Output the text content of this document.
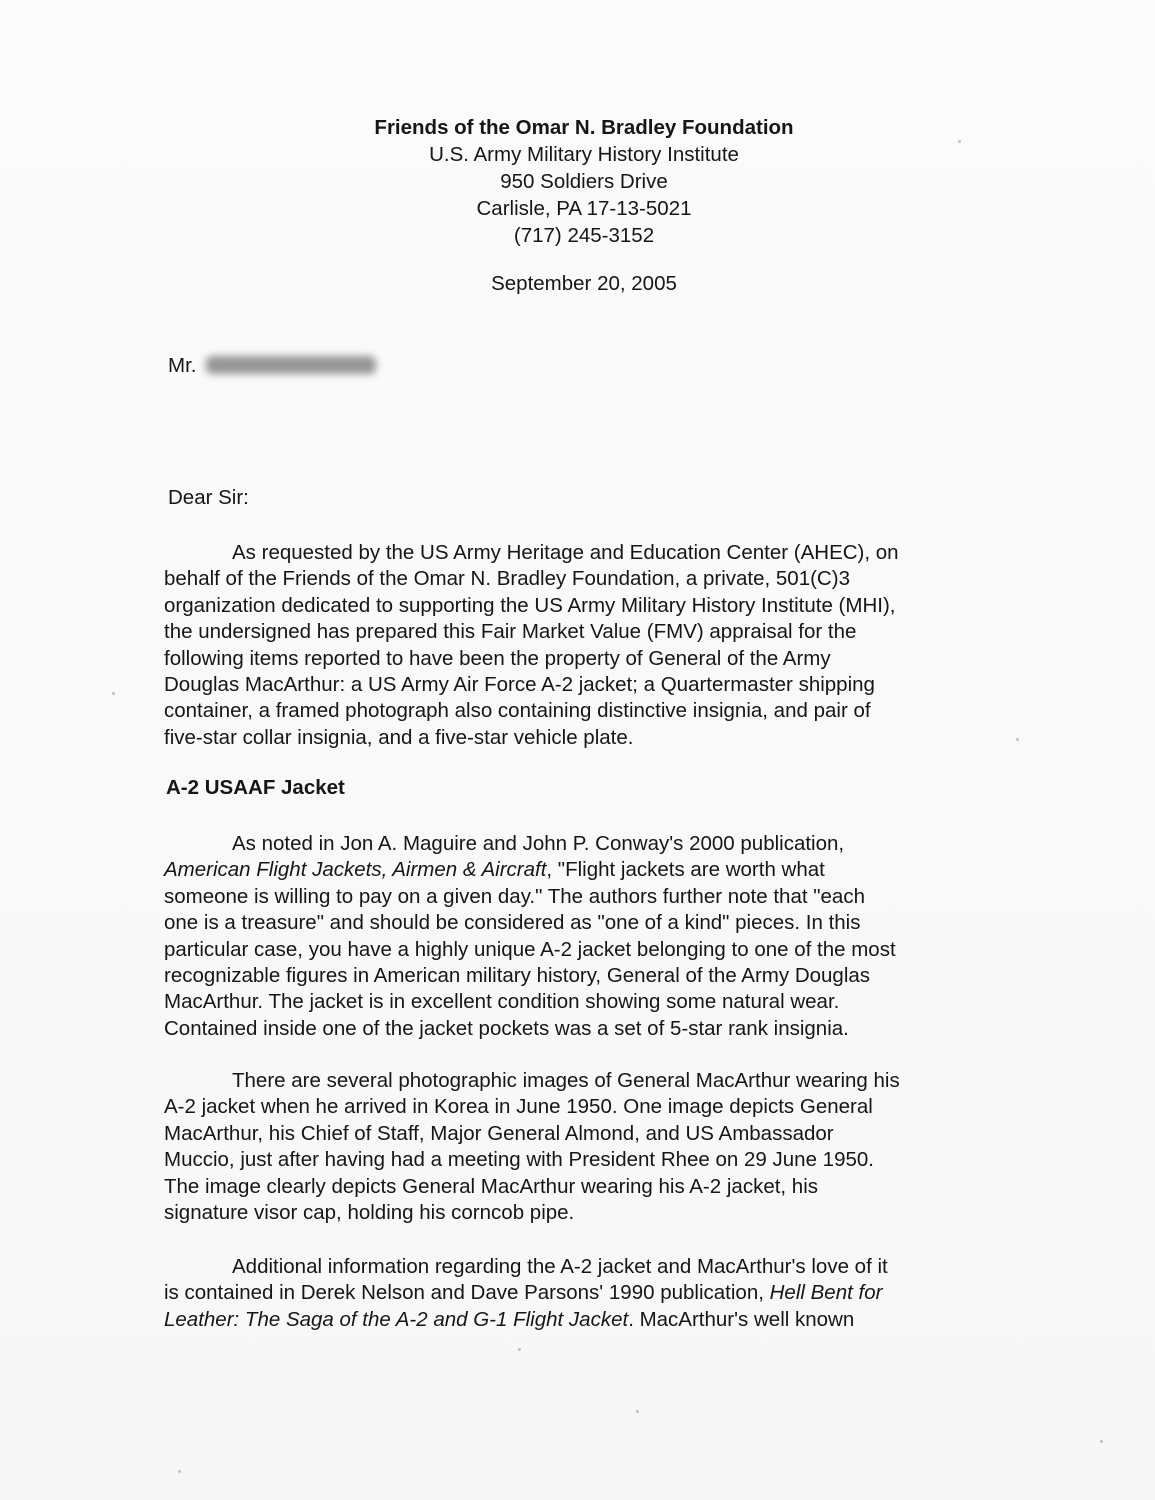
Friends of the Omar N. Bradley Foundation
U.S. Army Military History Institute
950 Soldiers Drive
Carlisle, PA 17-13-5021
(717) 245-3152
September 20, 2005
Mr.
Dear Sir:
As requested by the US Army Heritage and Education Center (AHEC), on
behalf of the Friends of the Omar N. Bradley Foundation, a private, 501(C)3
organization dedicated to supporting the US Army Military History Institute (MHI),
the undersigned has prepared this Fair Market Value (FMV) appraisal for the
following items reported to have been the property of General of the Army
Douglas MacArthur: a US Army Air Force A-2 jacket; a Quartermaster shipping
container, a framed photograph also containing distinctive insignia, and pair of
five-star collar insignia, and a five-star vehicle plate.
A-2 USAAF Jacket
As noted in Jon A. Maguire and John P. Conway's 2000 publication,
American Flight Jackets, Airmen & Aircraft, "Flight jackets are worth what
someone is willing to pay on a given day." The authors further note that "each
one is a treasure" and should be considered as "one of a kind" pieces. In this
particular case, you have a highly unique A-2 jacket belonging to one of the most
recognizable figures in American military history, General of the Army Douglas
MacArthur. The jacket is in excellent condition showing some natural wear.
Contained inside one of the jacket pockets was a set of 5-star rank insignia.
There are several photographic images of General MacArthur wearing his
A-2 jacket when he arrived in Korea in June 1950. One image depicts General
MacArthur, his Chief of Staff, Major General Almond, and US Ambassador
Muccio, just after having had a meeting with President Rhee on 29 June 1950.
The image clearly depicts General MacArthur wearing his A-2 jacket, his
signature visor cap, holding his corncob pipe.
Additional information regarding the A-2 jacket and MacArthur's love of it
is contained in Derek Nelson and Dave Parsons' 1990 publication, Hell Bent for
Leather: The Saga of the A-2 and G-1 Flight Jacket. MacArthur's well known
